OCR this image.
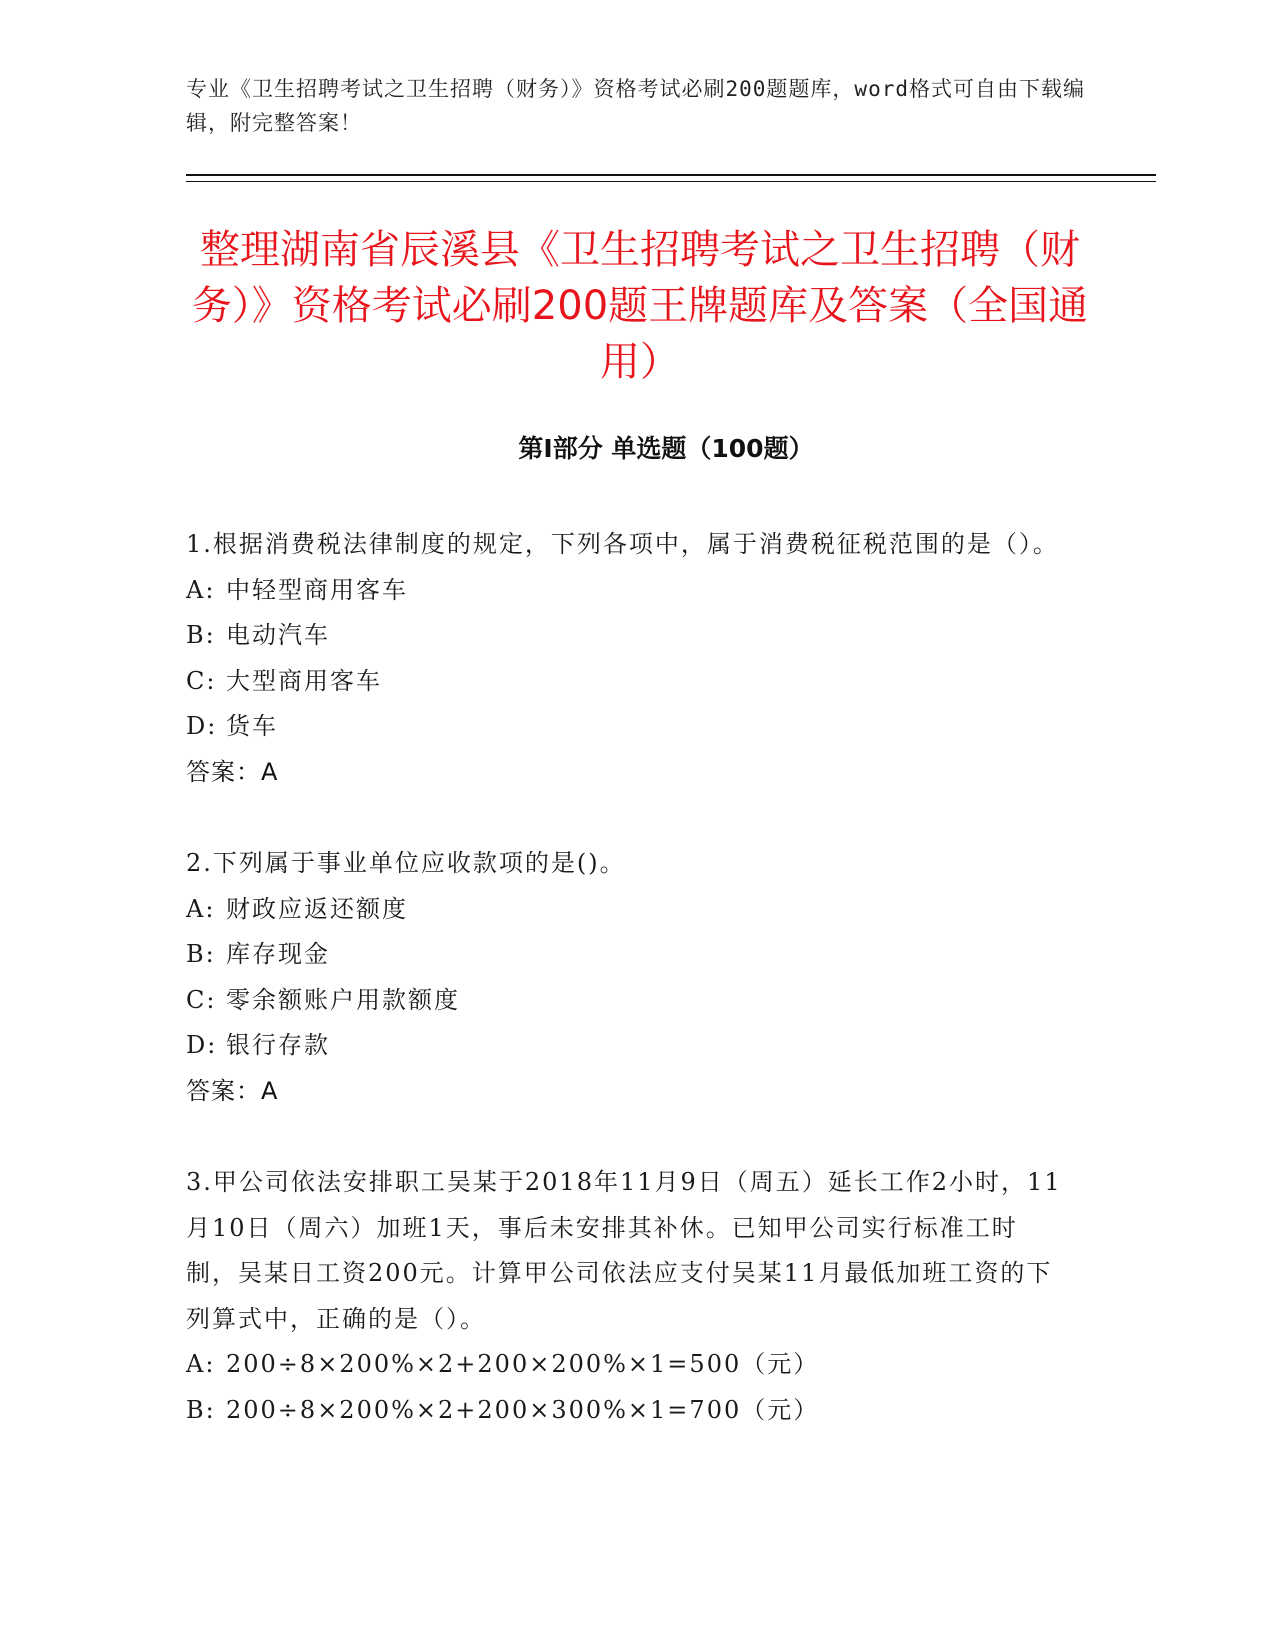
专业《卫生招聘考试之卫生招聘（财务）》资格考试必刷200题题库，word格式可自由下载编辑，附完整答案！
整理湖南省辰溪县《卫生招聘考试之卫生招聘（财务）》资格考试必刷200题王牌题库及答案（全国通用）
第I部分 单选题（100题）
1.根据消费税法律制度的规定，下列各项中，属于消费税征税范围的是（）。
A: 中轻型商用客车
B: 电动汽车
C: 大型商用客车
D: 货车
答案：A
2.下列属于事业单位应收款项的是()。
A: 财政应返还额度
B: 库存现金
C: 零余额账户用款额度
D: 银行存款
答案：A
3.甲公司依法安排职工吴某于2018年11月9日（周五）延长工作2小时，11月10日（周六）加班1天，事后未安排其补休。已知甲公司实行标准工时制，吴某日工资200元。计算甲公司依法应支付吴某11月最低加班工资的下列算式中，正确的是（）。
A: 200÷8×200%×2+200×200%×1=500（元）
B: 200÷8×200%×2+200×300%×1=700（元）
